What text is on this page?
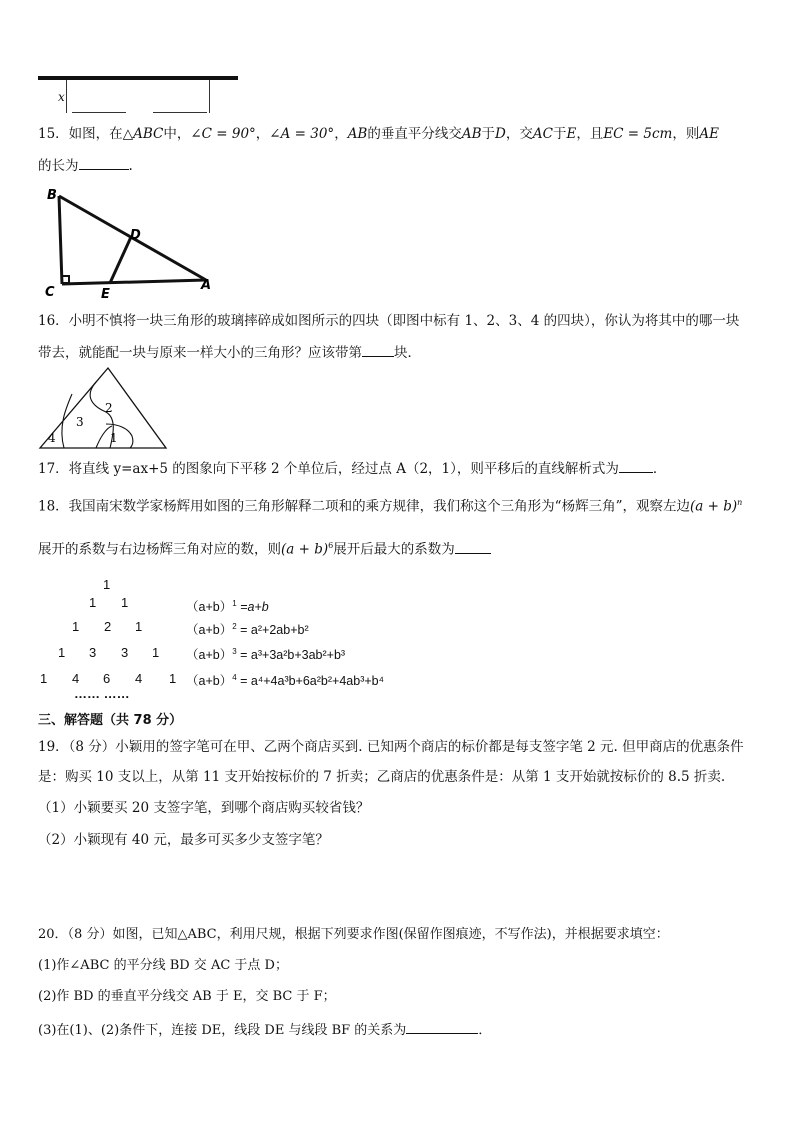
x
15．如图，在△ABC中，∠C = 90°，∠A = 30°，AB的垂直平分线交AB于D，交AC于E，且EC = 5cm，则AE
的长为	.
B
D
C	E
A
16．小明不慎将一块三角形的玻璃摔碎成如图所示的四块（即图中标有 1、2、3、4 的四块），你认为将其中的哪一块
带去，就能配一块与原来一样大小的三角形？应该带第 块．
4
3
2
1
17．将直线 y=ax+5 的图象向下平移 2 个单位后，经过点 A（2，1），则平移后的直线解析式为	．
18．我国南宋数学家杨辉用如图的三角形解释二项和的乘方规律，我们称这个三角形为“杨辉三角”，观察左边$(a + b)^n$
展开的系数与右边杨辉三角对应的数，则$(a + b)^6$展开后最大的系数为
1
1 1
1 2 1
1 3 3 1
1 4 6 4 1
…… ……
$(a+b)^1 =a+b$
$(a+b)^2 = a^2+2ab+b^2$
$(a+b)^3 = a^3+3a^2b+3ab^2+b^3$
$(a+b)^4 = a^4+4a^3b+6a^2b^2+4ab^3+b^4$
三、解答题（共 78 分）
19．（8 分）小颖用的签字笔可在甲、乙两个商店买到. 已知两个商店的标价都是每支签字笔 2 元. 但甲商店的优惠条件
是：购买 10 支以上，从第 11 支开始按标价的 7 折卖；乙商店的优惠条件是：从第 1 支开始就按标价的 8.5 折卖.
（1）小颖要买 20 支签字笔，到哪个商店购买较省钱？
（2）小颖现有 40 元，最多可买多少支签字笔？
20．（8 分）如图，已知△ABC，利用尺规，根据下列要求作图(保留作图痕迹，不写作法)，并根据要求填空：
(1)作∠ABC 的平分线 BD 交 AC 于点 D；
(2)作 BD 的垂直平分线交 AB 于 E，交 BC 于 F；
(3)在(1)、(2)条件下，连接 DE，线段 DE 与线段 BF 的关系为	．
